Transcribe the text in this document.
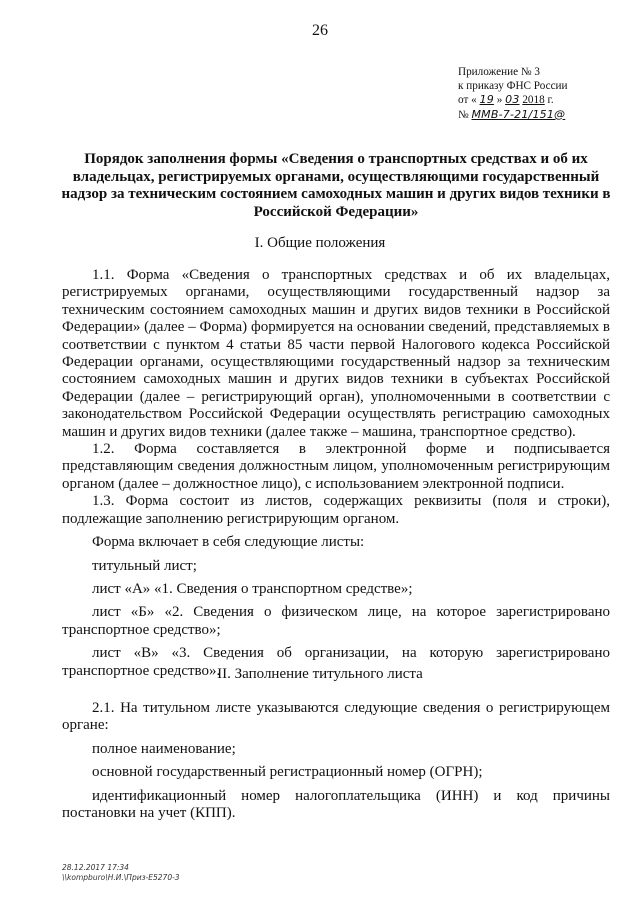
26
Приложение № 3
к приказу ФНС России
от « 19 » 03 2018 г.
№ ММВ-7-21/151@
Порядок заполнения формы «Сведения о транспортных средствах и об их владельцах, регистрируемых органами, осуществляющими государственный надзор за техническим состоянием самоходных машин и других видов техники в Российской Федерации»
I. Общие положения

1.1. Форма «Сведения о транспортных средствах и об их владельцах, регистрируемых органами, осуществляющими государственный надзор за техническим состоянием самоходных машин и других видов техники в Российской Федерации» (далее – Форма) формируется на основании сведений, представляемых в соответствии с пунктом 4 статьи 85 части первой Налогового кодекса Российской Федерации органами, осуществляющими государственный надзор за техническим состоянием самоходных машин и других видов техники в субъектах Российской Федерации (далее – регистрирующий орган), уполномоченными в соответствии с законодательством Российской Федерации осуществлять регистрацию самоходных машин и других видов техники (далее также – машина, транспортное средство).

1.2. Форма составляется в электронной форме и подписывается представляющим сведения должностным лицом, уполномоченным регистрирующим органом (далее – должностное лицо), с использованием электронной подписи.

1.3. Форма состоит из листов, содержащих реквизиты (поля и строки), подлежащие заполнению регистрирующим органом.

Форма включает в себя следующие листы:

титульный лист;

лист «А» «1. Сведения о транспортном средстве»;

лист «Б» «2. Сведения о физическом лице, на которое зарегистрировано транспортное средство»;

лист «В» «3. Сведения об организации, на которую зарегистрировано транспортное средство».

II. Заполнение титульного листа

2.1. На титульном листе указываются следующие сведения о регистрирующем органе:

полное наименование;

основной государственный регистрационный номер (ОГРН);

идентификационный номер налогоплательщика (ИНН) и код причины постановки на учет (КПП).

28.12.2017 17:34
\\kompburo\Н.И.\Приз-Е5270-3
